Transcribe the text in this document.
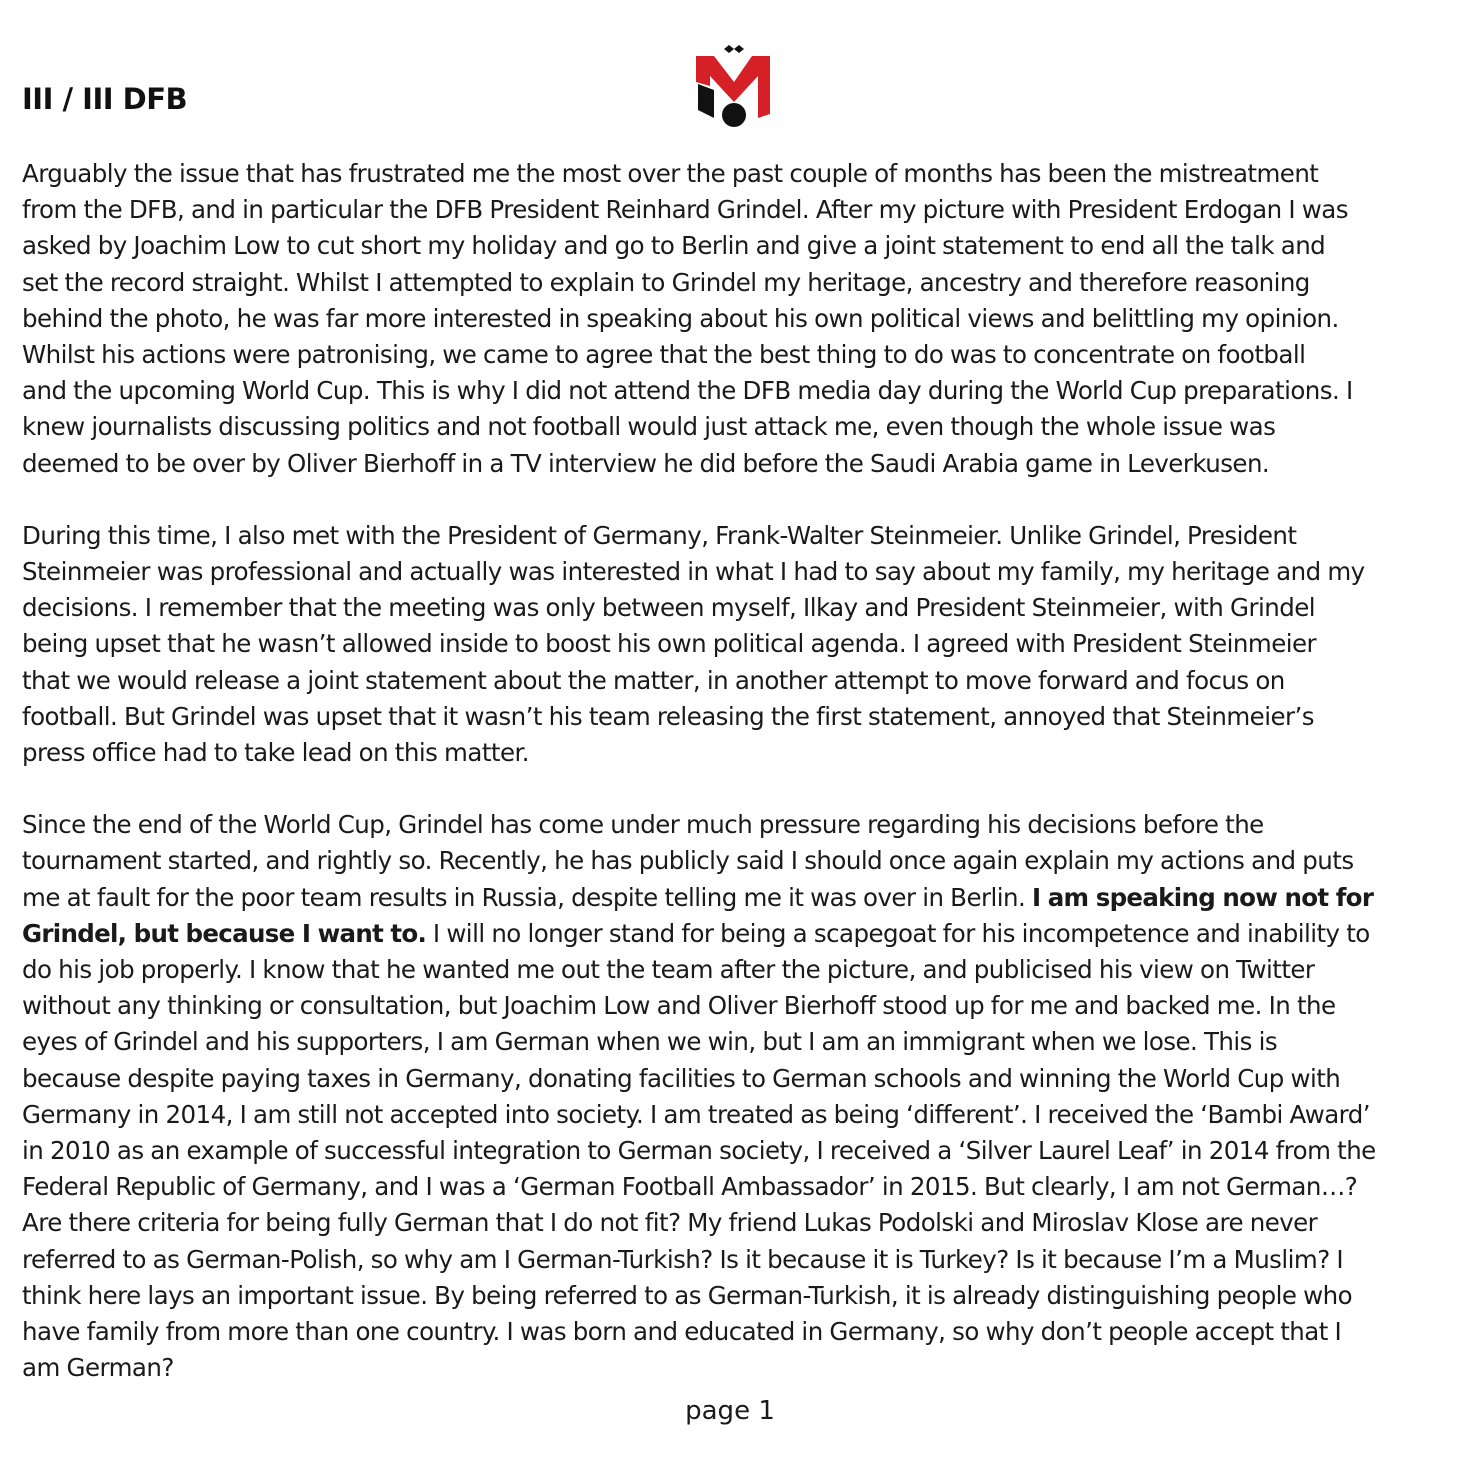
III / III DFB

Arguably the issue that has frustrated me the most over the past couple of months has been the mistreatment
from the DFB, and in particular the DFB President Reinhard Grindel. After my picture with President Erdogan I was
asked by Joachim Low to cut short my holiday and go to Berlin and give a joint statement to end all the talk and
set the record straight. Whilst I attempted to explain to Grindel my heritage, ancestry and therefore reasoning
behind the photo, he was far more interested in speaking about his own political views and belittling my opinion.
Whilst his actions were patronising, we came to agree that the best thing to do was to concentrate on football
and the upcoming World Cup. This is why I did not attend the DFB media day during the World Cup preparations. I
knew journalists discussing politics and not football would just attack me, even though the whole issue was
deemed to be over by Oliver Bierhoff in a TV interview he did before the Saudi Arabia game in Leverkusen.

During this time, I also met with the President of Germany, Frank-Walter Steinmeier. Unlike Grindel, President
Steinmeier was professional and actually was interested in what I had to say about my family, my heritage and my
decisions. I remember that the meeting was only between myself, Ilkay and President Steinmeier, with Grindel
being upset that he wasn’t allowed inside to boost his own political agenda. I agreed with President Steinmeier
that we would release a joint statement about the matter, in another attempt to move forward and focus on
football. But Grindel was upset that it wasn’t his team releasing the first statement, annoyed that Steinmeier’s
press office had to take lead on this matter.

Since the end of the World Cup, Grindel has come under much pressure regarding his decisions before the
tournament started, and rightly so. Recently, he has publicly said I should once again explain my actions and puts
me at fault for the poor team results in Russia, despite telling me it was over in Berlin. I am speaking now not for
Grindel, but because I want to. I will no longer stand for being a scapegoat for his incompetence and inability to
do his job properly. I know that he wanted me out the team after the picture, and publicised his view on Twitter
without any thinking or consultation, but Joachim Low and Oliver Bierhoff stood up for me and backed me. In the
eyes of Grindel and his supporters, I am German when we win, but I am an immigrant when we lose. This is
because despite paying taxes in Germany, donating facilities to German schools and winning the World Cup with
Germany in 2014, I am still not accepted into society. I am treated as being ‘different’. I received the ‘Bambi Award’
in 2010 as an example of successful integration to German society, I received a ‘Silver Laurel Leaf’ in 2014 from the
Federal Republic of Germany, and I was a ‘German Football Ambassador’ in 2015. But clearly, I am not German…?
Are there criteria for being fully German that I do not fit? My friend Lukas Podolski and Miroslav Klose are never
referred to as German-Polish, so why am I German-Turkish? Is it because it is Turkey? Is it because I’m a Muslim? I
think here lays an important issue. By being referred to as German-Turkish, it is already distinguishing people who
have family from more than one country. I was born and educated in Germany, so why don’t people accept that I
am German?

page 1
